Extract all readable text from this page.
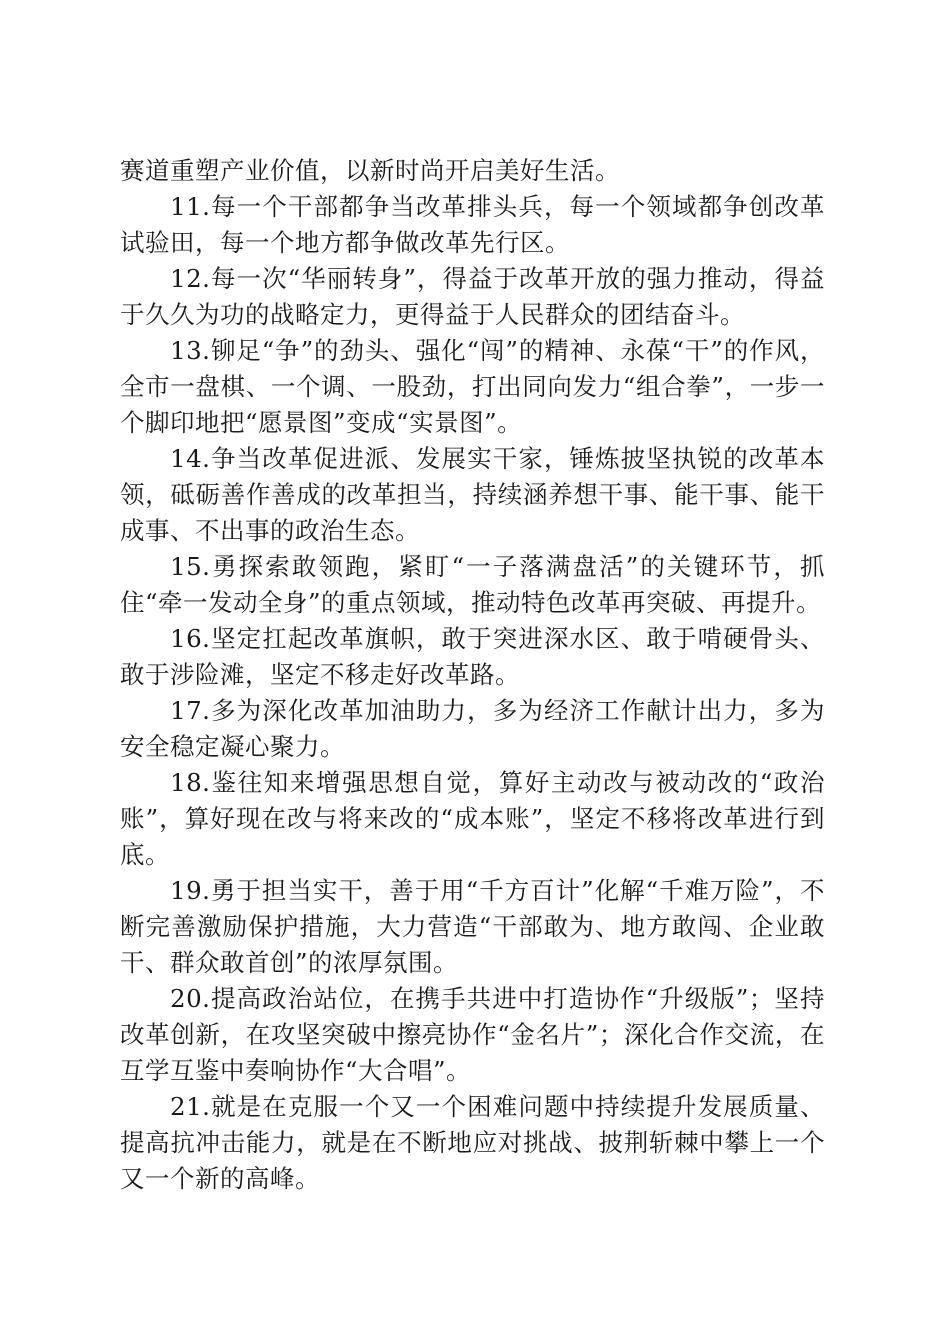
赛道重塑产业价值，以新时尚开启美好生活。

11.每一个干部都争当改革排头兵，每一个领域都争创改革试验田，每一个地方都争做改革先行区。

12.每一次“华丽转身”，得益于改革开放的强力推动，得益于久久为功的战略定力，更得益于人民群众的团结奋斗。

13.铆足“争”的劲头、强化“闯”的精神、永葆“干”的作风，全市一盘棋、一个调、一股劲，打出同向发力“组合拳”，一步一个脚印地把“愿景图”变成“实景图”。

14.争当改革促进派、发展实干家，锤炼披坚执锐的改革本领，砥砺善作善成的改革担当，持续涵养想干事、能干事、能干成事、不出事的政治生态。

15.勇探索敢领跑，紧盯“一子落满盘活”的关键环节，抓住“牵一发动全身”的重点领域，推动特色改革再突破、再提升。

16.坚定扛起改革旗帜，敢于突进深水区、敢于啃硬骨头、敢于涉险滩，坚定不移走好改革路。

17.多为深化改革加油助力，多为经济工作献计出力，多为安全稳定凝心聚力。

18.鉴往知来增强思想自觉，算好主动改与被动改的“政治账”，算好现在改与将来改的“成本账”，坚定不移将改革进行到底。

19.勇于担当实干，善于用“千方百计”化解“千难万险”，不断完善激励保护措施，大力营造“干部敢为、地方敢闯、企业敢干、群众敢首创”的浓厚氛围。

20.提高政治站位，在携手共进中打造协作“升级版”；坚持改革创新，在攻坚突破中擦亮协作“金名片”；深化合作交流，在互学互鉴中奏响协作“大合唱”。

21.就是在克服一个又一个困难问题中持续提升发展质量、提高抗冲击能力，就是在不断地应对挑战、披荆斩棘中攀上一个又一个新的高峰。
